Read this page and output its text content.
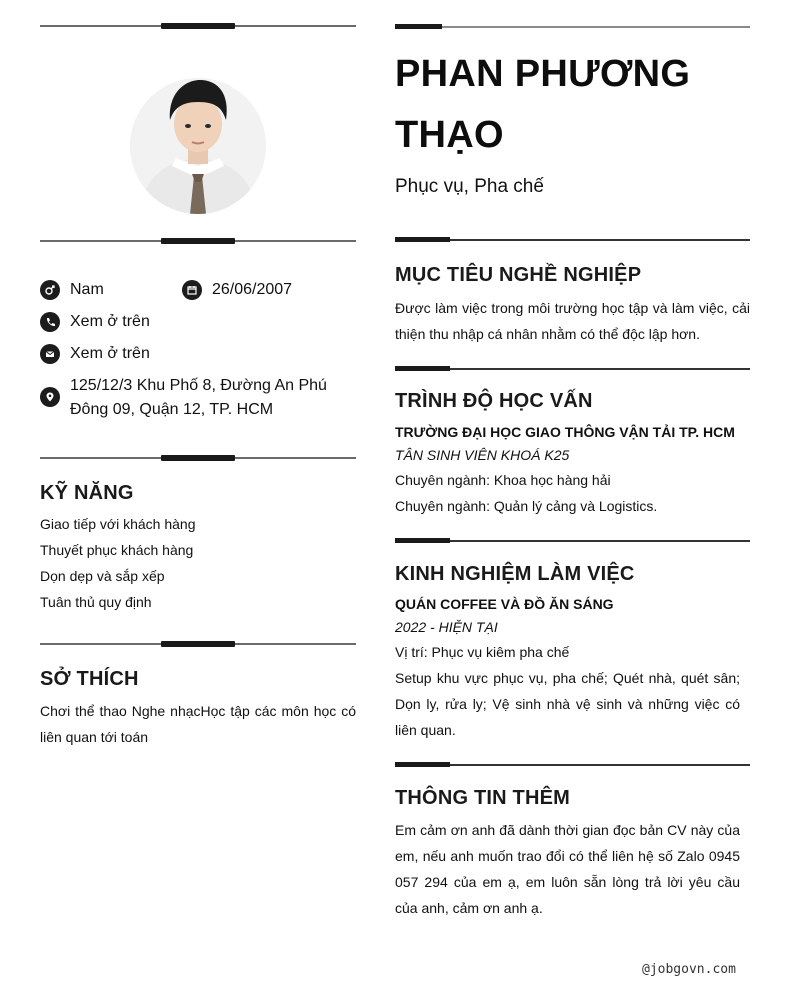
Nam	26/06/2007
Xem ở trên
Xem ở trên
125/12/3 Khu Phố 8, Đường An Phú
Đông 09, Quận 12, TP. HCM
KỸ NĂNG
Giao tiếp với khách hàng
Thuyết phục khách hàng
Dọn dẹp và sắp xếp
Tuân thủ quy định
SỞ THÍCH
Chơi thể thao Nghe nhạcHọc tập các môn học có liên quan tới toán
PHAN PHƯƠNG THẠO
Phục vụ, Pha chế
MỤC TIÊU NGHỀ NGHIỆP
Được làm việc trong môi trường học tập và làm việc, cải thiện thu nhập cá nhân nhằm có thể độc lập hơn.
TRÌNH ĐỘ HỌC VẤN
TRƯỜNG ĐẠI HỌC GIAO THÔNG VẬN TẢI TP. HCM
TÂN SINH VIÊN KHOÁ K25
Chuyên ngành: Khoa học hàng hải
Chuyên ngành: Quản lý cảng và Logistics.
KINH NGHIỆM LÀM VIỆC
QUÁN COFFEE VÀ ĐỒ ĂN SÁNG
2022 - HIỆN TẠI
Vị trí: Phục vụ kiêm pha chế
Setup khu vực phục vụ, pha chế; Quét nhà, quét sân; Dọn ly, rửa ly; Vệ sinh nhà vệ sinh và những việc có liên quan.
THÔNG TIN THÊM
Em cảm ơn anh đã dành thời gian đọc bản CV này của em, nếu anh muốn trao đổi có thể liên hệ số Zalo 0945 057 294 của em ạ, em luôn sẵn lòng trả lời yêu cầu của anh, cảm ơn anh ạ.
@jobgovn.com
